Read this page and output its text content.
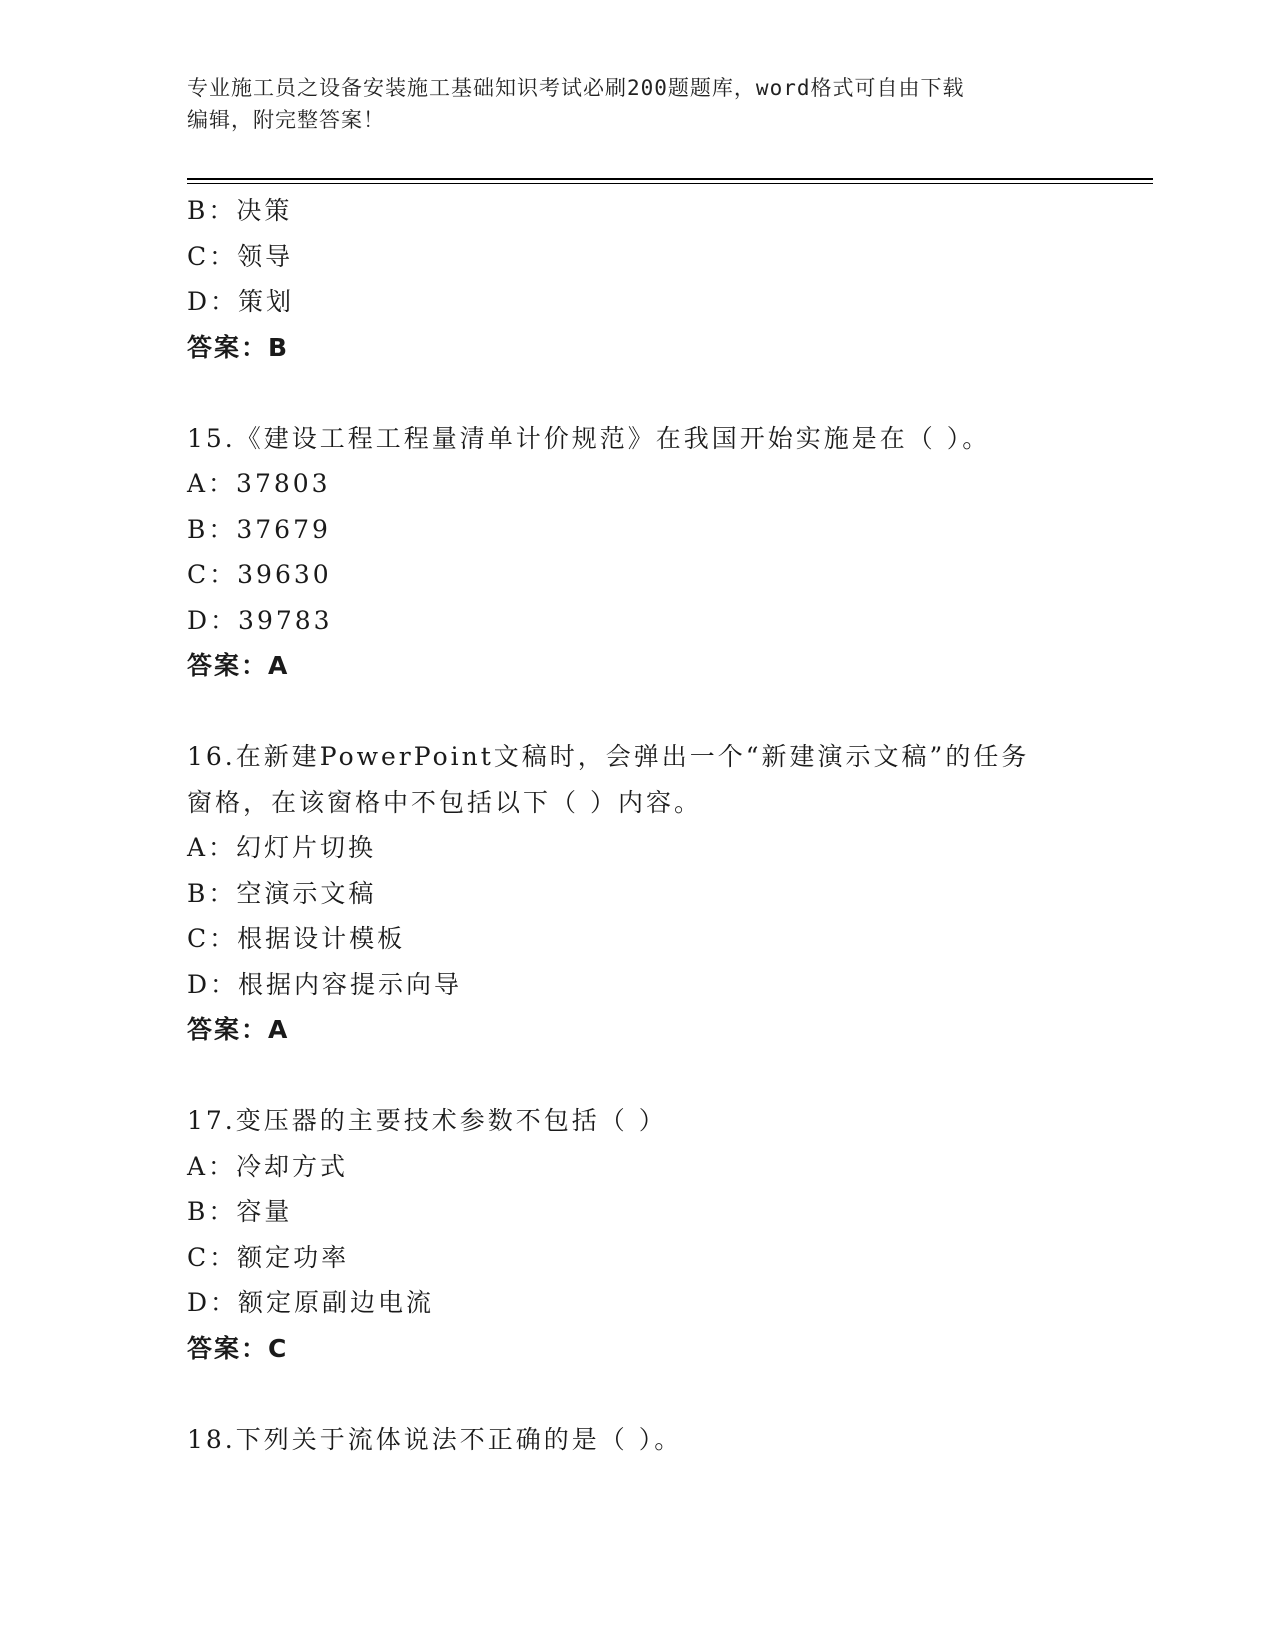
专业施工员之设备安装施工基础知识考试必刷200题题库，word格式可自由下载
编辑，附完整答案！
B：决策
C：领导
D：策划
答案：B
15.《建设工程工程量清单计价规范》在我国开始实施是在（ ）。
A：37803
B：37679
C：39630
D：39783
答案：A
16.在新建PowerPoint文稿时，会弹出一个“新建演示文稿”的任务
窗格，在该窗格中不包括以下（ ）内容。
A：幻灯片切换
B：空演示文稿
C：根据设计模板
D：根据内容提示向导
答案：A
17.变压器的主要技术参数不包括（ ）
A：冷却方式
B：容量
C：额定功率
D：额定原副边电流
答案：C
18.下列关于流体说法不正确的是（ ）。
